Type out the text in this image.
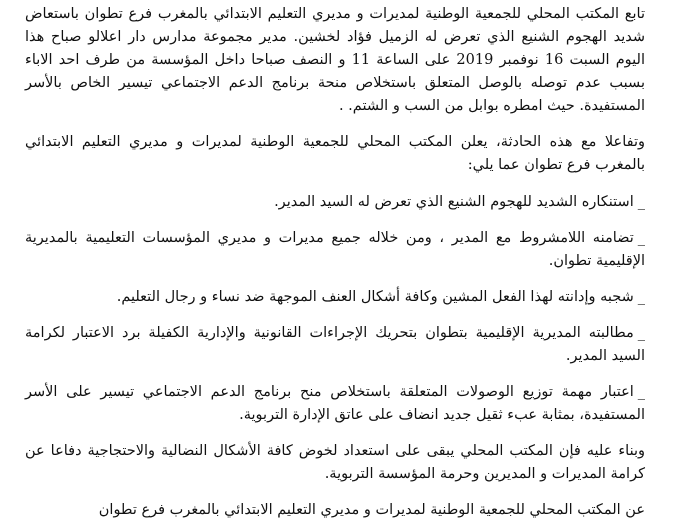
تابع المكتب المحلي للجمعية الوطنية لمديرات و مديري التعليم الابتدائي بالمغرب فرع تطوان باستعاض شديد الهجوم الشنيع الذي تعرض له الزميل فؤاد لخشين. مدير مجموعة مدارس دار اعلالو صباح هذا اليوم السبت 16 نوفمبر 2019 على الساعة 11 و النصف صباحا داخل المؤسسة من طرف احد الاباء بسبب عدم توصله بالوصل المتعلق باستخلاص منحة برنامج الدعم الاجتماعي تيسير الخاص بالأسر المستفيدة. حيث امطره بوابل من السب و الشتم. .

وتفاعلا مع هذه الحادثة، يعلن المكتب المحلي للجمعية الوطنية لمديرات و مديري التعليم الابتدائي بالمغرب فرع تطوان عما يلي:

_استنكاره الشديد للهجوم الشنيع الذي تعرض له السيد المدير.

_تضامنه اللامشروط مع المدير ، ومن خلاله جميع مديرات و مديري المؤسسات التعليمية بالمديرية الإقليمية تطوان.

_شجبه وإدانته لهذا الفعل المشين وكافة أشكال العنف الموجهة ضد نساء و رجال التعليم.

_مطالبته المديرية الإقليمية بتطوان بتحريك الإجراءات القانونية والإدارية الكفيلة برد الاعتبار لكرامة السيد المدير.

_اعتبار مهمة توزيع الوصولات المتعلقة باستخلاص منح برنامج الدعم الاجتماعي تيسير على الأسر المستفيدة، بمثابة عبء ثقيل جديد انضاف على عاتق الإدارة التربوية.

وبناء عليه فإن المكتب المحلي يبقى على استعداد لخوض كافة الأشكال النضالية والاحتجاجية دفاعا عن كرامة المديرات و المديرين وحرمة المؤسسة التربوية.

عن المكتب المحلي للجمعية الوطنية لمديرات و مديري التعليم الابتدائي بالمغرب فرع تطوان
